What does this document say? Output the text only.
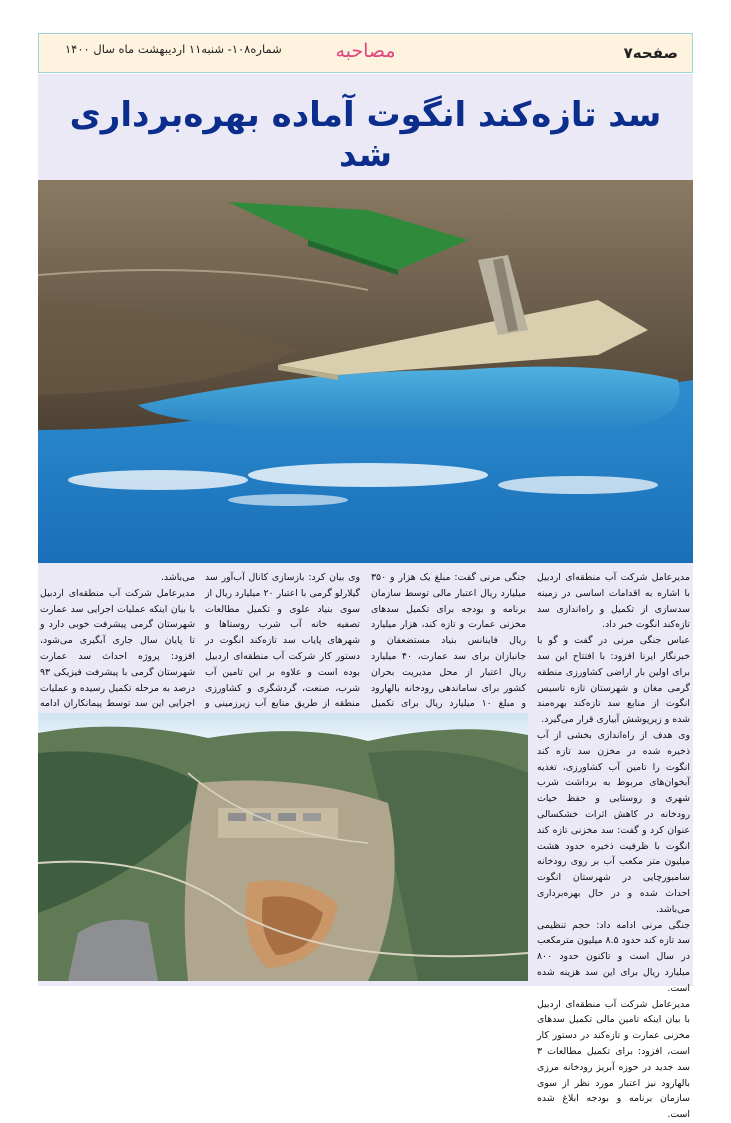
صفحه۷
مصاحبه
شماره۱۰۸- شنبه۱۱ اردیبهشت ماه سال ۱۴۰۰
سد تازه‌کند انگوت آماده بهره‌برداری شد

مدیرعامل شرکت آب منطقه‌ای اردبیل با اشاره به اقدامات اساسی در زمینه سدسازی از تکمیل و راه‌اندازی سد تازه‌کند انگوت خبر داد.

عباس جنگی مرنی در گفت و گو با خبرنگار ایرنا افزود: با افتتاح این سد برای اولین بار اراضی کشاورزی منطقه گرمی مغان و شهرستان تازه تاسیس انگوت از منابع سد تازه‌کند بهره‌مند شده و زیرپوشش آبیاری قرار می‌گیرد.

وی هدف از راه‌اندازی بخشی از آب ذخیره شده در مخزن سد تازه کند انگوت را تامین آب کشاورزی، تغذیه آبخوان‌های مربوط به برداشت شرب شهری و روستایی و حفظ حیات رودخانه در کاهش اثرات خشکسالی عنوان کرد و گفت: سد مخزنی تازه کند انگوت با ظرفیت ذخیره حدود هشت میلیون متر مکعب آب بر روی رودخانه سامبورچایی در شهرستان انگوت احداث شده و در حال بهره‌برداری می‌باشد.

جنگی مرنی ادامه داد: حجم تنظیمی سد تازه کند حدود ۸.۵ میلیون مترمکعب در سال است و تاکنون حدود ۸۰۰ میلیارد ریال برای این سد هزینه شده است.

مدیرعامل شرکت آب منطقه‌ای اردبیل با بیان اینکه تامین مالی تکمیل سدهای مخزنی عمارت و تازه‌کند در دستور کار است، افزود: برای تکمیل مطالعات ۳ سد جدید در حوزه آبریز رودخانه مرزی بالهارود نیز اعتبار مورد نظر از سوی سازمان برنامه و بودجه ابلاغ شده است.

جنگی مرنی گفت: مبلغ یک هزار و ۳۵۰ میلیارد ریال اعتبار مالی توسط سازمان برنامه و بودجه برای تکمیل سدهای مخزنی عمارت و تازه کند، هزار میلیارد ریال فاینانس بنیاد مستضعفان و جانبازان برای سد عمارت، ۴۰ میلیارد ریال اعتبار از محل مدیریت بحران کشور برای ساماندهی رودخانه بالهارود و مبلغ ۱۰ میلیارد ریال برای تکمیل

وی بیان کرد: بازسازی کانال آب‌آور سد گیلارلو گرمی با اعتبار ۲۰ میلیارد ریال از سوی بنیاد علوی و تکمیل مطالعات تصفیه خانه آب شرب روستاها و شهرهای پایاب سد تازه‌کند انگوت در دستور کار شرکت آب منطقه‌ای اردبیل بوده است و علاوه بر این تامین آب شرب، صنعت، گردشگری و کشاورزی منطقه از طریق منابع آب زیرزمینی و

می‌باشد.

مدیرعامل شرکت آب منطقه‌ای اردبیل با بیان اینکه عملیات اجرایی سد عمارت شهرستان گرمی پیشرفت خوبی دارد و تا پایان سال جاری آبگیری می‌شود، افزود: پروژه احداث سد عمارت شهرستان گرمی با پیشرفت فیزیکی ۹۳ درصد به مرحله تکمیل رسیده و عملیات اجرایی این سد توسط پیمانکاران ادامه
